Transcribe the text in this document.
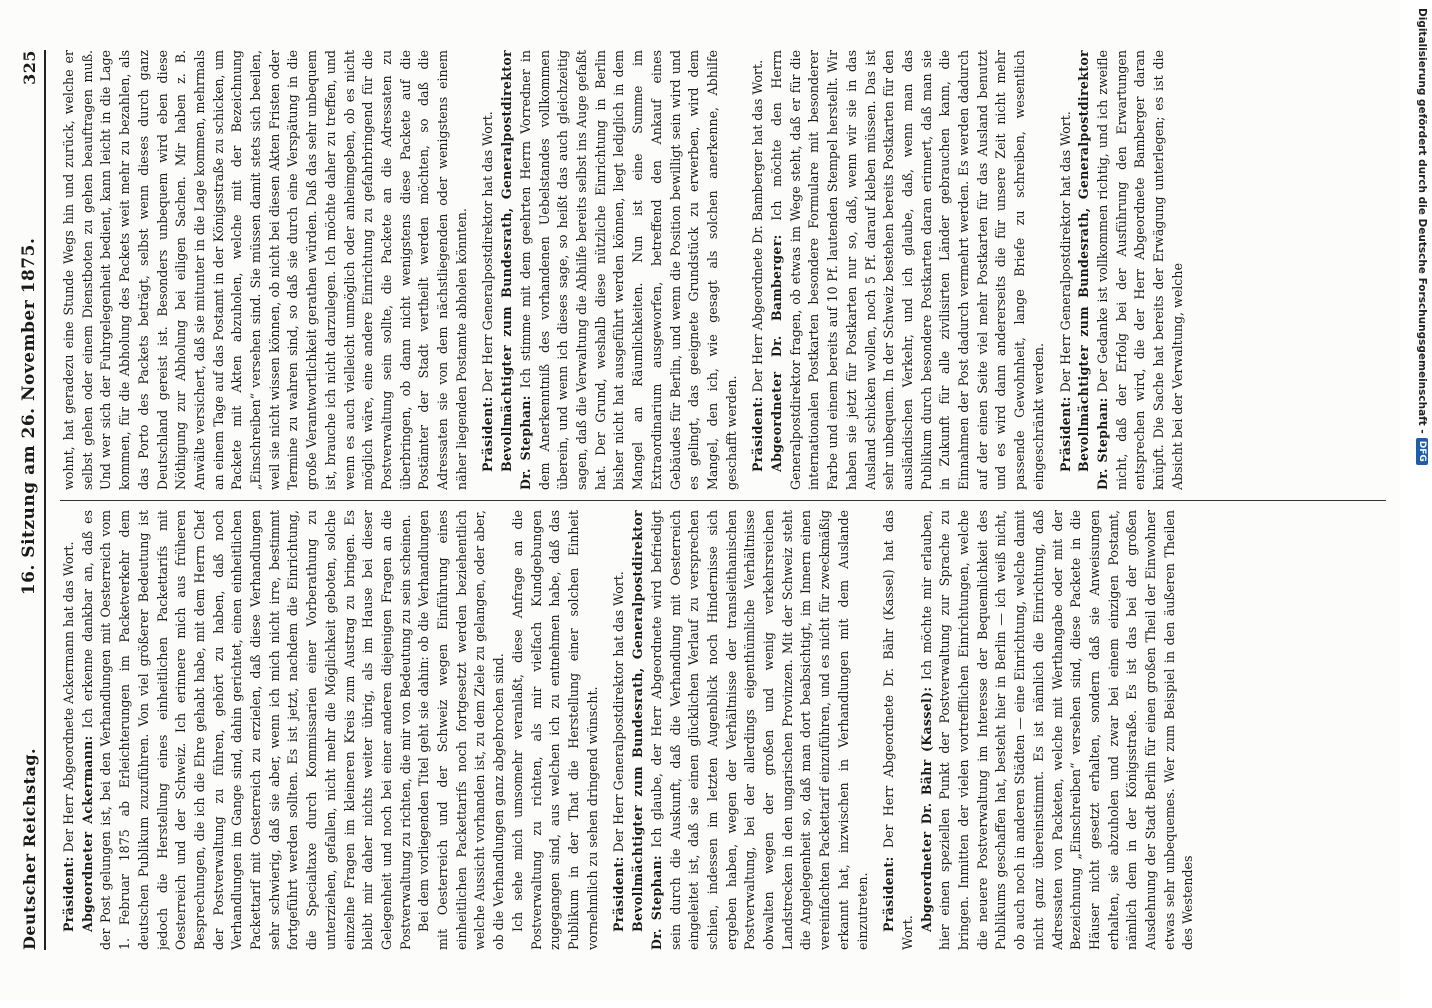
Deutscher Reichstag.
16. Sitzung am 26. November 1875.
325

Präsident: Der Herr Abgeordnete Ackermann hat das Wort. Abgeordneter Ackermann: Ich erkenne dankbar an, daß es der Post gelungen ist, bei den Verhandlungen mit Oesterreich vom 1. Februar 1875 ab Erleichterungen im Packetverkehr dem deutschen Publikum zuzuführen. Von viel größerer Bedeutung ist jedoch die Herstellung eines einheitlichen Packettarifs mit Oesterreich und der Schweiz. Ich erinnere mich aus früheren Besprechungen, die ich die Ehre gehabt habe, mit dem Herrn Chef der Postverwaltung zu führen, gehört zu haben, daß noch Verhandlungen im Gange sind, dahin gerichtet, einen einheitlichen Packettarif mit Oesterreich zu erzielen, daß diese Verhandlungen sehr schwierig, daß sie aber, wenn ich mich nicht irre, bestimmt fortgeführt werden sollten. Es ist jetzt, nachdem die Einrichtung, die Specialtaxe durch Kommissarien einer Vorberathung zu unterziehen, gefallen, nicht mehr die Möglichkeit geboten, solche einzelne Fragen im kleineren Kreis zum Austrag zu bringen. Es bleibt mir daher nichts weiter übrig, als im Hause bei dieser Gelegenheit und noch bei einer anderen diejenigen Fragen an die Postverwaltung zu richten, die mir von Bedeutung zu sein scheinen. Bei dem vorliegenden Titel geht sie dahin: ob die Verhandlungen mit Oesterreich und der Schweiz wegen Einführung eines einheitlichen Packettarifs noch fortgesetzt werden beziehentlich welche Aussicht vorhanden ist, zu dem Ziele zu gelangen, oder aber, ob die Verhandlungen ganz abgebrochen sind. Ich sehe mich umsomehr veranlaßt, diese Anfrage an die Postverwaltung zu richten, als mir vielfach Kundgebungen zugegangen sind, aus welchen ich zu entnehmen habe, daß das Publikum in der That die Herstellung einer solchen Einheit vornehmlich zu sehen dringend wünscht. Präsident: Der Herr Generalpostdirektor hat das Wort. Bevollmächtigter zum Bundesrath, Generalpostdirektor Dr. Stephan: Ich glaube, der Herr Abgeordnete wird befriedigt sein durch die Auskunft, daß die Verhandlung mit Oesterreich eingeleitet ist, daß sie einen glücklichen Verlauf zu versprechen schien, indessen im letzten Augenblick noch Hindernisse sich ergeben haben, wegen der Verhältnisse der transleithanischen Postverwaltung, bei der allerdings eigenthümliche Verhältnisse obwalten wegen der großen und wenig verkehrsreichen Landstrecken in den ungarischen Provinzen. Mit der Schweiz steht die Angelegenheit so, daß man dort beabsichtigt, im Innern einen vereinfachten Packettarif einzuführen, und es nicht für zweckmäßig erkannt hat, inzwischen in Verhandlungen mit dem Auslande einzutreten. Präsident: Der Herr Abgeordnete Dr. Bähr (Kassel) hat das Wort.

Abgeordneter Dr. Bähr (Kassel): Ich möchte mir erlauben, hier einen speziellen Punkt der Postverwaltung zur Sprache zu bringen. Inmitten der vielen vortrefflichen Einrichtungen, welche die neuere Postverwaltung im Interesse der Bequemlichkeit des Publikums geschaffen hat, besteht hier in Berlin — ich weiß nicht, ob auch noch in anderen Städten — eine Einrichtung, welche damit nicht ganz übereinstimmt. Es ist nämlich die Einrichtung, daß Adressaten von Packeten, welche mit Werthangabe oder mit der Bezeichnung „Einschreiben“ versehen sind, diese Packete in die Häuser nicht gesetzt erhalten, sondern daß sie Anweisungen erhalten, sie abzuholen und zwar bei einem einzigen Postamt, nämlich dem in der Königsstraße. Es ist das bei der großen Ausdehnung der Stadt Berlin für einen großen Theil der Einwohner etwas sehr unbequemes. Wer zum Beispiel in den äußeren Theilen des Westendes

wohnt, hat geradezu eine Stunde Wegs hin und zurück, welche er selbst gehen oder einem Dienstboten zu gehen beauftragen muß. Und wer sich der Fuhrgelegenheit bedient, kann leicht in die Lage kommen, für die Abholung des Packets weit mehr zu bezahlen, als das Porto des Packets beträgt, selbst wenn dieses durch ganz Deutschland gereist ist. Besonders unbequem wird eben diese Nöthigung zur Abholung bei eiligen Sachen. Mir haben z. B. Anwälte versichert, daß sie mitunter in die Lage kommen, mehrmals an einem Tage auf das Postamt in der Königsstraße zu schicken, um Packete mit Akten abzuholen, welche mit der Bezeichnung „Einschreiben“ versehen sind. Sie müssen damit stets sich beeilen, weil sie nicht wissen können, ob nicht bei diesen Akten Fristen oder Termine zu wahren sind, so daß sie durch eine Verspätung in die große Verantwortlichkeit gerathen würden. Daß das sehr unbequem ist, brauche ich nicht darzulegen. Ich möchte daher zu treffen, und wenn es auch vielleicht unmöglich oder anheimgeben, ob es nicht möglich wäre, eine andere Einrichtung zu gefahrbringend für die Postverwaltung sein sollte, die Packete an die Adressaten zu überbringen, ob dann nicht wenigstens diese Packete auf die Postämter der Stadt vertheilt werden möchten, so daß die Adressaten sie von dem nächstliegenden oder wenigstens einem näher liegenden Postamte abholen könnten. Präsident: Der Herr Generalpostdirektor hat das Wort. Bevollmächtigter zum Bundesrath, Generalpostdirektor Dr. Stephan: Ich stimme mit dem geehrten Herrn Vorredner in dem Anerkenntniß des vorhandenen Uebelstandes vollkommen überein, und wenn ich dieses sage, so heißt das auch gleichzeitig sagen, daß die Verwaltung die Abhilfe bereits selbst ins Auge gefaßt hat. Der Grund, weshalb diese nützliche Einrichtung in Berlin bisher nicht hat ausgeführt werden können, liegt lediglich in dem Mangel an Räumlichkeiten. Nun ist eine Summe im Extraordinarium ausgeworfen, betreffend den Ankauf eines Gebäudes für Berlin, und wenn die Position bewilligt sein wird und es gelingt, das geeignete Grundstück zu erwerben, wird dem Mangel, den ich, wie gesagt als solchen anerkenne, Abhilfe geschafft werden. Präsident: Der Herr Abgeordnete Dr. Bamberger hat das Wort. Abgeordneter Dr. Bamberger: Ich möchte den Herrn Generalpostdirektor fragen, ob etwas im Wege steht, daß er für die internationalen Postkarten besondere Formulare mit besonderer Farbe und einem bereits auf 10 Pf. lautenden Stempel herstellt. Wir haben sie jetzt für Postkarten nur so, daß, wenn wir sie in das Ausland schicken wollen, noch 5 Pf. darauf kleben müssen. Das ist sehr unbequem. In der Schweiz bestehen bereits Postkarten für den ausländischen Verkehr, und ich glaube, daß, wenn man das Publikum durch besondere Postkarten daran erinnert, daß man sie in Zukunft für alle zivilisirten Länder gebrauchen kann, die Einnahmen der Post dadurch vermehrt werden. Es werden dadurch auf der einen Seite viel mehr Postkarten für das Ausland benutzt und es wird dann andererseits die für unsere Zeit nicht mehr passende Gewohnheit, lange Briefe zu schreiben, wesentlich eingeschränkt werden. Präsident: Der Herr Generalpostdirektor hat das Wort. Bevollmächtigter zum Bundesrath, Generalpostdirektor Dr. Stephan: Der Gedanke ist vollkommen richtig, und ich zweifle nicht, daß der Erfolg bei der Ausführung den Erwartungen entsprechen wird, die der Herr Abgeordnete Bamberger daran knüpft. Die Sache hat bereits der Erwägung unterlegen; es ist die Absicht bei der Verwaltung, welche	Digitalisierung gefördert durch die Deutsche Forschungsgemeinschaft -
DFG
